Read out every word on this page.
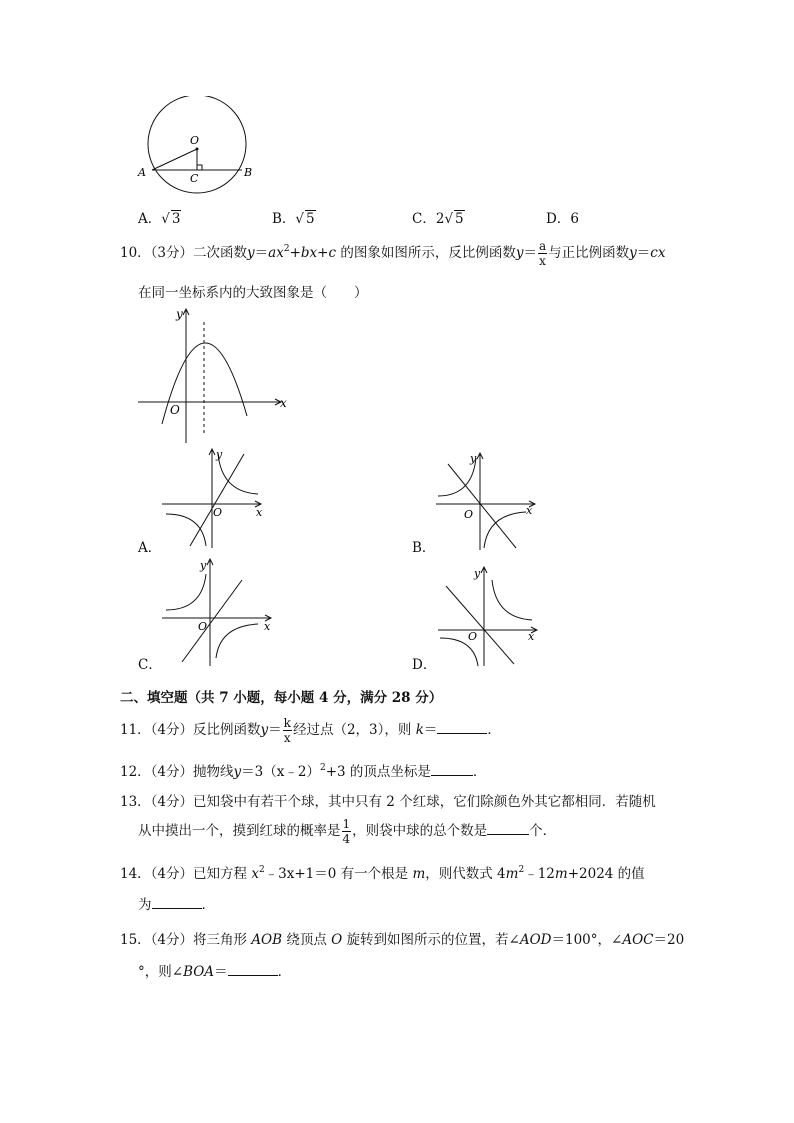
O
A	B
C
A．√ 3	B．√ 5	C．2√ 5	D．6
10．（3分）二次函数$y=ax^2+bx+c$ 的图象如图所示，反比例函数$y= \frac{a}{x}$ 与正比例函数y＝cx
在同一坐标系内的大致图象是（　　）
y
x
O
y
x
O
A．
y
x
O
B．
y
x
O
C．
y
x
O
D．
二、填空题（共 7 小题，每小题 4 分，满分 28 分）
11．（4分）反比例函数$y= \frac{k}{x}$ 经过点（2，3），则 k＝	．
12．（4分）抛物线y＝3（x﹣2）$^2$+3 的顶点坐标是	．
13．（4分）已知袋中有若干个球，其中只有 2 个红球，它们除颜色外其它都相同．若随机
从中摸出一个，摸到红球的概率是 $\frac{1}{4}$ ，则袋中球的总个数是	个．
14．（4分）已知方程 $x^2﹣3x+1=0$ 有一个根是 m，则代数式 $4m^2﹣12m+2024$ 的值
为	．
15．（4分）将三角形 AOB 绕顶点 O 旋转到如图所示的位置，若∠AOD＝100°，∠AOC＝20
°，则∠BOA＝	．
